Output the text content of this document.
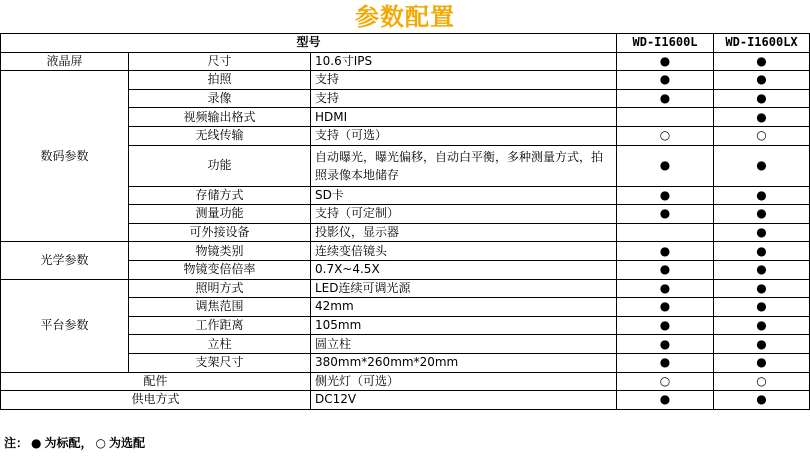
参数配置
型号			WD-I1600L	WD-I1600LX
液晶屏	尺寸	10.6寸IPS	●	●
数码参数	拍照	支持	●	●
	录像	支持	●	●
	视频输出格式	HDMI		●
	无线传输	支持（可选）	○	○
	功能	自动曝光，曝光偏移，自动白平衡，多种测量方式，拍照录像本地储存	●	●
	存储方式	SD卡	●	●
	测量功能	支持（可定制）	●	●
	可外接设备	投影仪，显示器		●
光学参数	物镜类别	连续变倍镜头	●	●
	物镜变倍倍率	0.7X~4.5X	●	●
平台参数	照明方式	LED连续可调光源	●	●
	调焦范围	42mm	●	●
	工作距离	105mm	●	●
	立柱	圆立柱	●	●
	支架尺寸	380mm*260mm*20mm	●	●
配件		侧光灯（可选）	○	○
供电方式		DC12V	●	●
注： ● 为标配， ○ 为选配
